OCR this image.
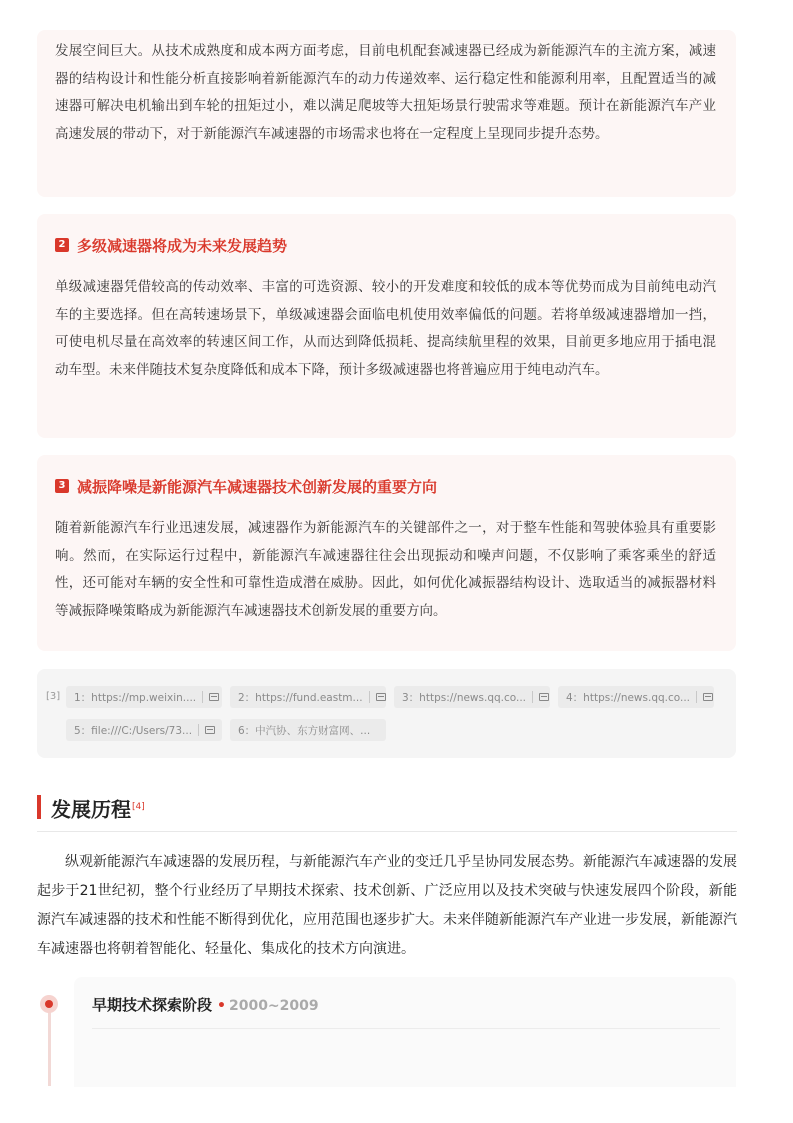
发展空间巨大。从技术成熟度和成本两方面考虑，目前电机配套减速器已经成为新能源汽车的主流方案，减速器的结构设计和性能分析直接影响着新能源汽车的动力传递效率、运行稳定性和能源利用率，且配置适当的减速器可解决电机输出到车轮的扭矩过小，难以满足爬坡等大扭矩场景行驶需求等难题。预计在新能源汽车产业高速发展的带动下，对于新能源汽车减速器的市场需求也将在一定程度上呈现同步提升态势。

2 多级减速器将成为未来发展趋势

单级减速器凭借较高的传动效率、丰富的可选资源、较小的开发难度和较低的成本等优势而成为目前纯电动汽车的主要选择。但在高转速场景下，单级减速器会面临电机使用效率偏低的问题。若将单级减速器增加一挡，可使电机尽量在高效率的转速区间工作，从而达到降低损耗、提高续航里程的效果，目前更多地应用于插电混动车型。未来伴随技术复杂度降低和成本下降，预计多级减速器也将普遍应用于纯电动汽车。

3 减振降噪是新能源汽车减速器技术创新发展的重要方向

随着新能源汽车行业迅速发展，减速器作为新能源汽车的关键部件之一，对于整车性能和驾驶体验具有重要影响。然而，在实际运行过程中，新能源汽车减速器往往会出现振动和噪声问题，不仅影响了乘客乘坐的舒适性，还可能对车辆的安全性和可靠性造成潜在威胁。因此，如何优化减振器结构设计、选取适当的减振器材料等减振降噪策略成为新能源汽车减速器技术创新发展的重要方向。

[3] 1：https://mp.weixin....	2：https://fund.eastm...	3：https://news.qq.co...	4：https://news.qq.co...
5：file:///C:/Users/73...	6：中汽协、东方财富网、...
发展历程[4]

纵观新能源汽车减速器的发展历程，与新能源汽车产业的变迁几乎呈协同发展态势。新能源汽车减速器的发展起步于21世纪初，整个行业经历了早期技术探索、技术创新、广泛应用以及技术突破与快速发展四个阶段，新能源汽车减速器的技术和性能不断得到优化，应用范围也逐步扩大。未来伴随新能源汽车产业进一步发展，新能源汽车减速器也将朝着智能化、轻量化、集成化的技术方向演进。

早期技术探索阶段 • 2000~2009
